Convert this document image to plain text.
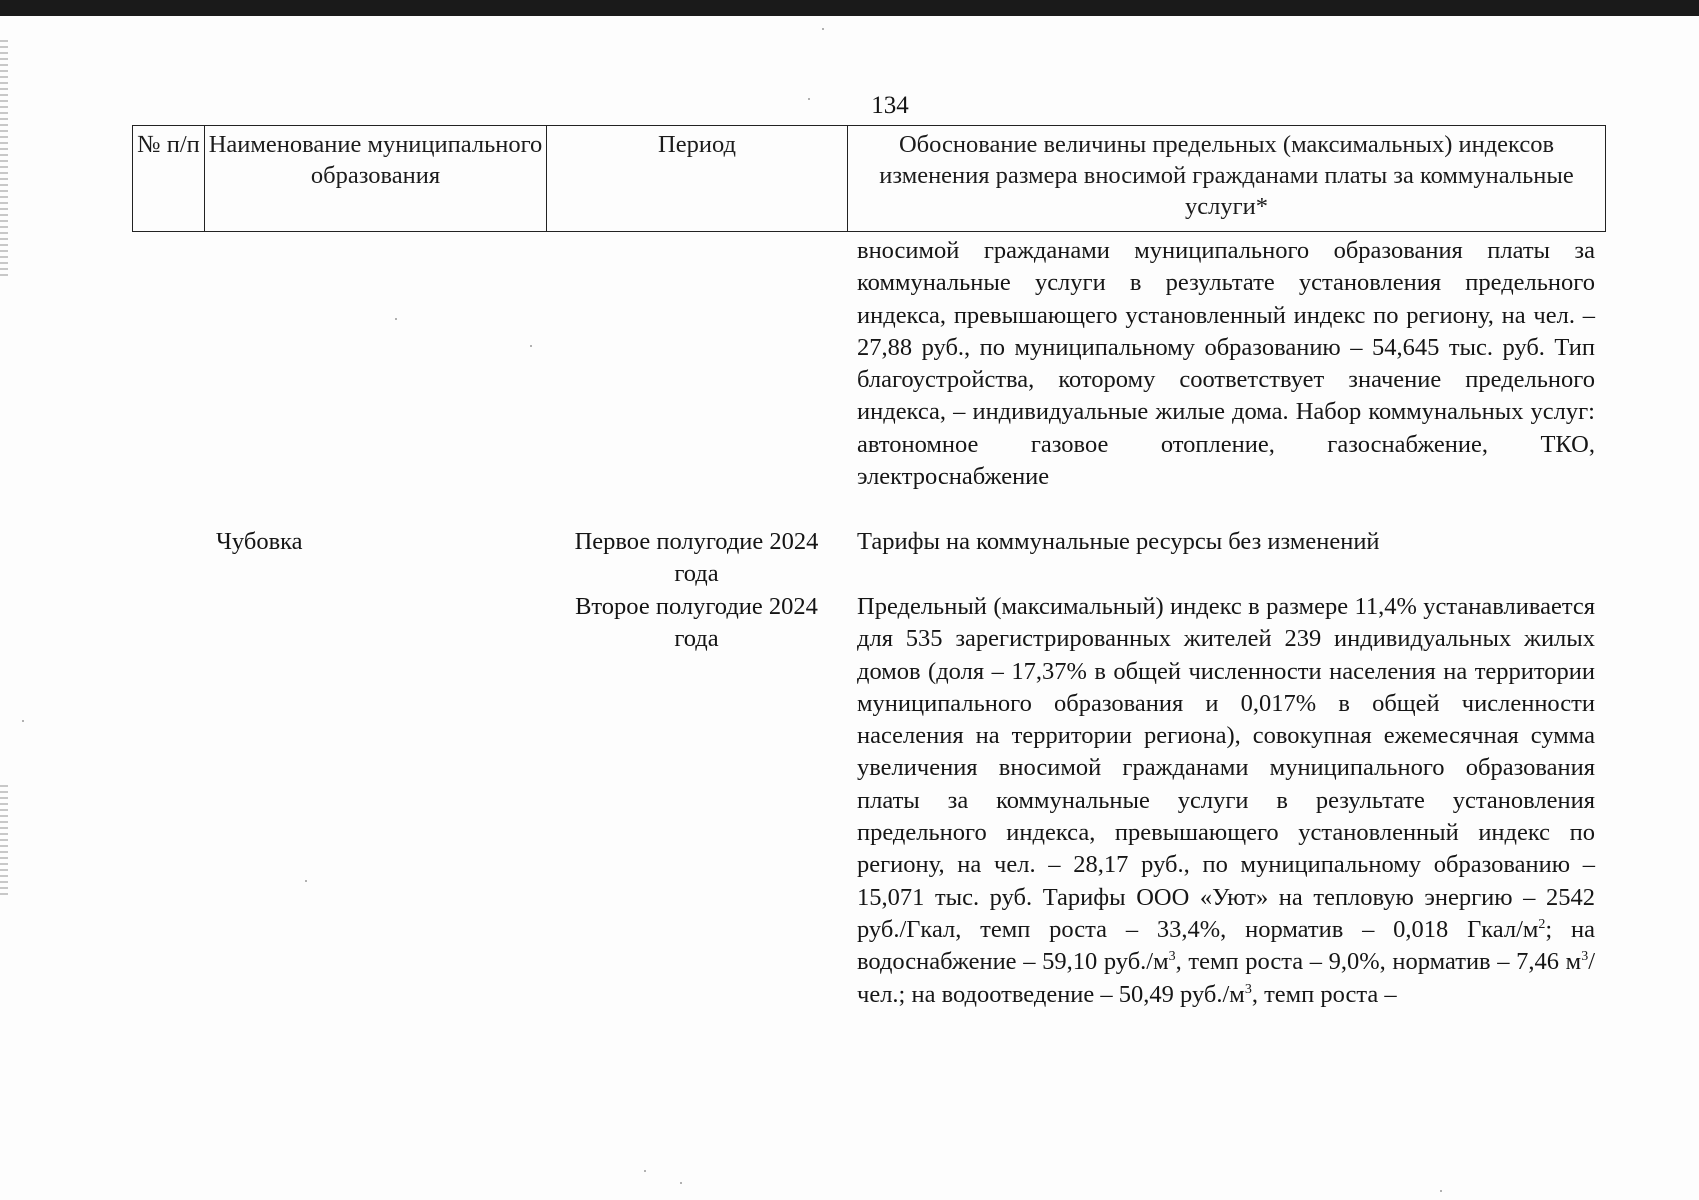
134
№ п/п Наименование муниципального образования
Период	Обоснование величины предельных (максимальных) индексов изменения размера вносимой гражданами платы за коммунальные услуги*
вносимой гражданами муниципального образования платы за коммунальные услуги в результате установления предельного индекса, превышающего установленный индекс по региону, на чел. – 27,88 руб., по муниципальному образованию – 54,645 тыс. руб. Тип благоустройства, которому соответствует значение предельного индекса, – индивидуальные жилые дома. Набор коммунальных услуг: автономное газовое отопление, газоснабжение, ТКО, электроснабжение
Чубовка	Первое полугодие 2024 года
Тарифы на коммунальные ресурсы без изменений
Второе полугодие 2024 года
Предельный (максимальный) индекс в размере 11,4% устанавливается для 535 зарегистрированных жителей 239 индивидуальных жилых домов (доля – 17,37% в общей численности населения на территории муниципального образования и 0,017% в общей численности населения на территории региона), совокупная ежемесячная сумма увеличения вносимой гражданами муниципального образования платы за коммунальные услуги в результате установления предельного индекса, превышающего установленный индекс по региону, на чел. – 28,17 руб., по муниципальному образованию – 15,071 тыс. руб. Тарифы ООО «Уют» на тепловую энергию – 2542 руб./Гкал, темп роста – 33,4%, норматив – 0,018 Гкал/$м^2$; на водоснабжение – 59,10 $руб./м^3$, темп роста – 9,0%, норматив – 7,46 $м^3$/чел.; на водоотведение – 50,49 $руб./м^3$, темп роста –
